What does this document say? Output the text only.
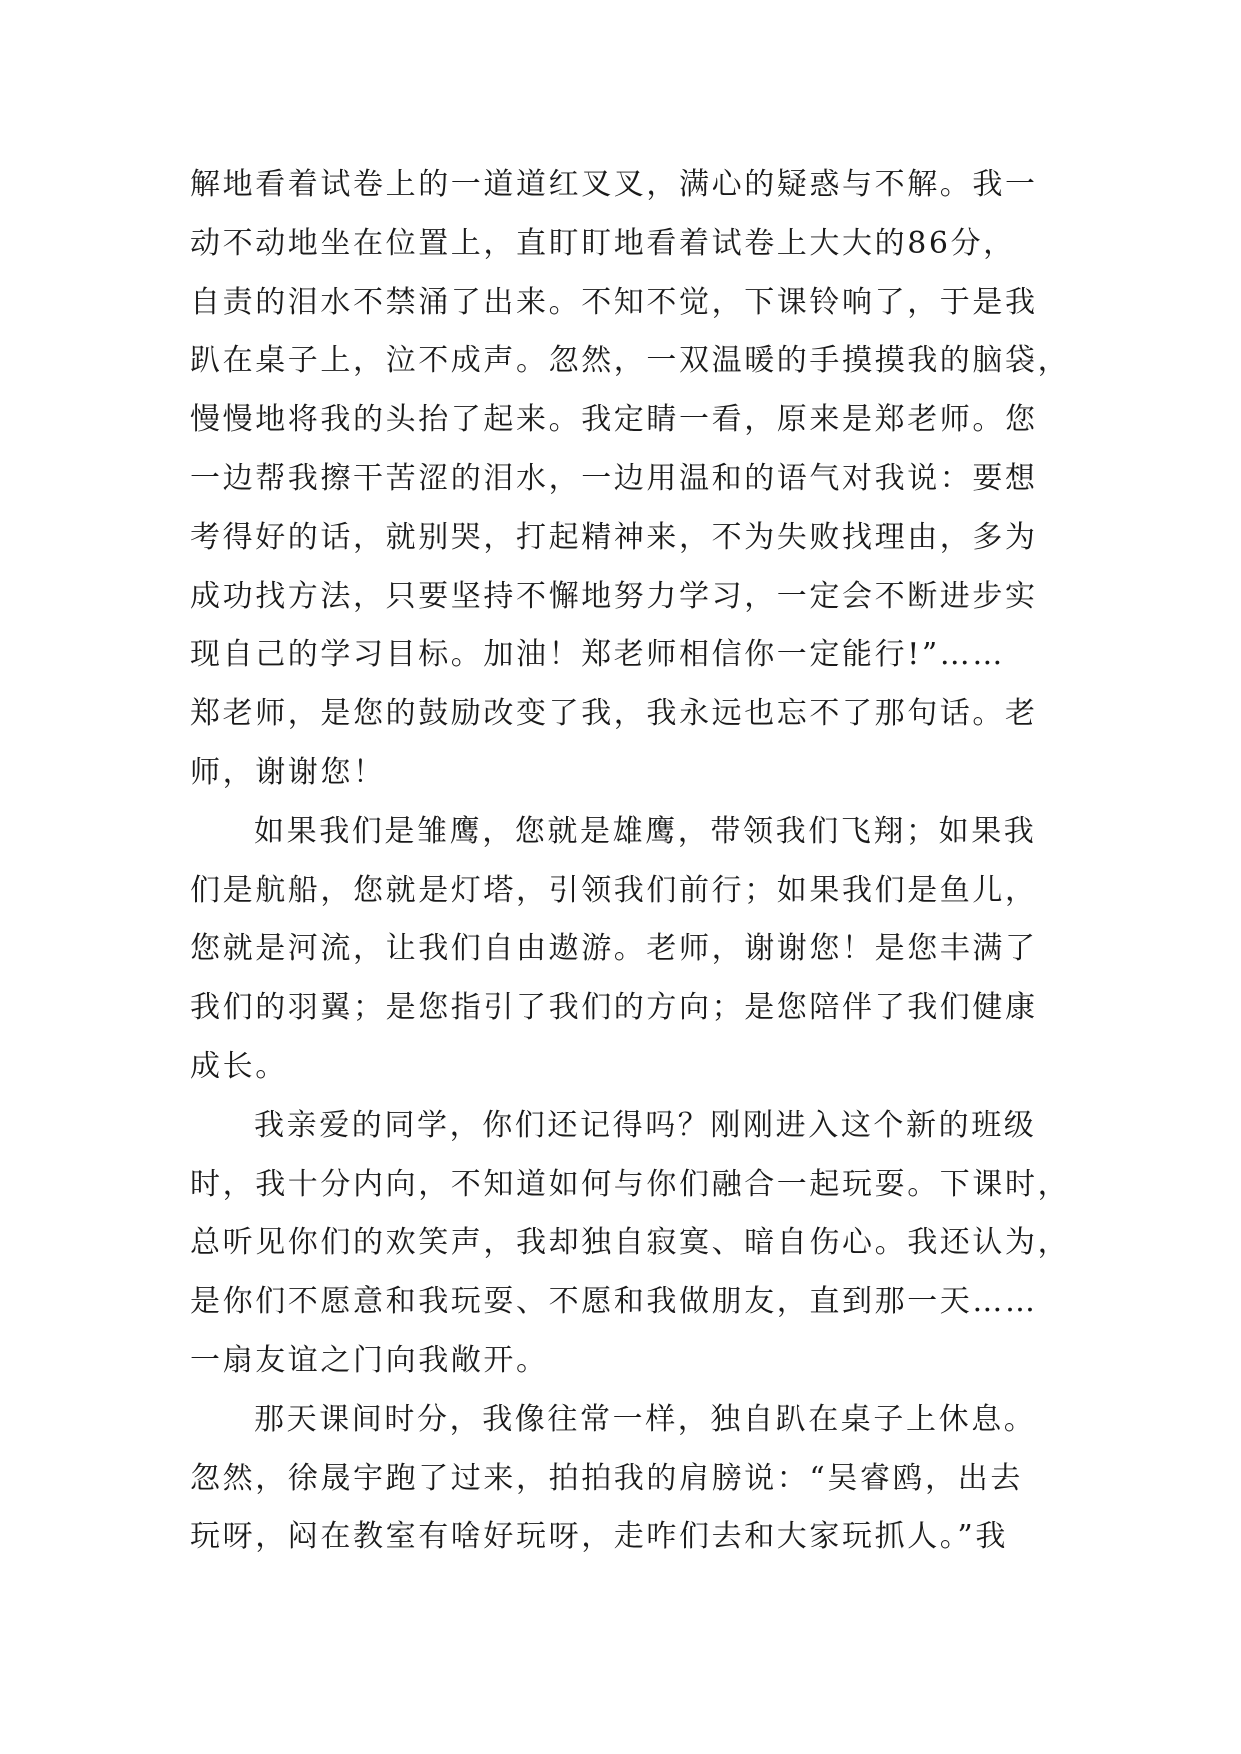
解地看着试卷上的一道道红叉叉，满心的疑惑与不解。我一
动不动地坐在位置上，直盯盯地看着试卷上大大的86分，
自责的泪水不禁涌了出来。不知不觉，下课铃响了，于是我
趴在桌子上，泣不成声。忽然，一双温暖的手摸摸我的脑袋，
慢慢地将我的头抬了起来。我定睛一看，原来是郑老师。您
一边帮我擦干苦涩的泪水，一边用温和的语气对我说：要想
考得好的话，就别哭，打起精神来，不为失败找理由，多为
成功找方法，只要坚持不懈地努力学习，一定会不断进步实
现自己的学习目标。加油！郑老师相信你一定能行!”……
郑老师，是您的鼓励改变了我，我永远也忘不了那句话。老
师，谢谢您！
如果我们是雏鹰，您就是雄鹰，带领我们飞翔；如果我
们是航船，您就是灯塔，引领我们前行；如果我们是鱼儿，
您就是河流，让我们自由遨游。老师，谢谢您！是您丰满了
我们的羽翼；是您指引了我们的方向；是您陪伴了我们健康
成长。
我亲爱的同学，你们还记得吗？刚刚进入这个新的班级
时，我十分内向，不知道如何与你们融合一起玩耍。下课时，
总听见你们的欢笑声，我却独自寂寞、暗自伤心。我还认为，
是你们不愿意和我玩耍、不愿和我做朋友，直到那一天……
一扇友谊之门向我敞开。
那天课间时分，我像往常一样，独自趴在桌子上休息。
忽然，徐晟宇跑了过来，拍拍我的肩膀说：“吴睿鸥，出去
玩呀，闷在教室有啥好玩呀，走咋们去和大家玩抓人。”我
